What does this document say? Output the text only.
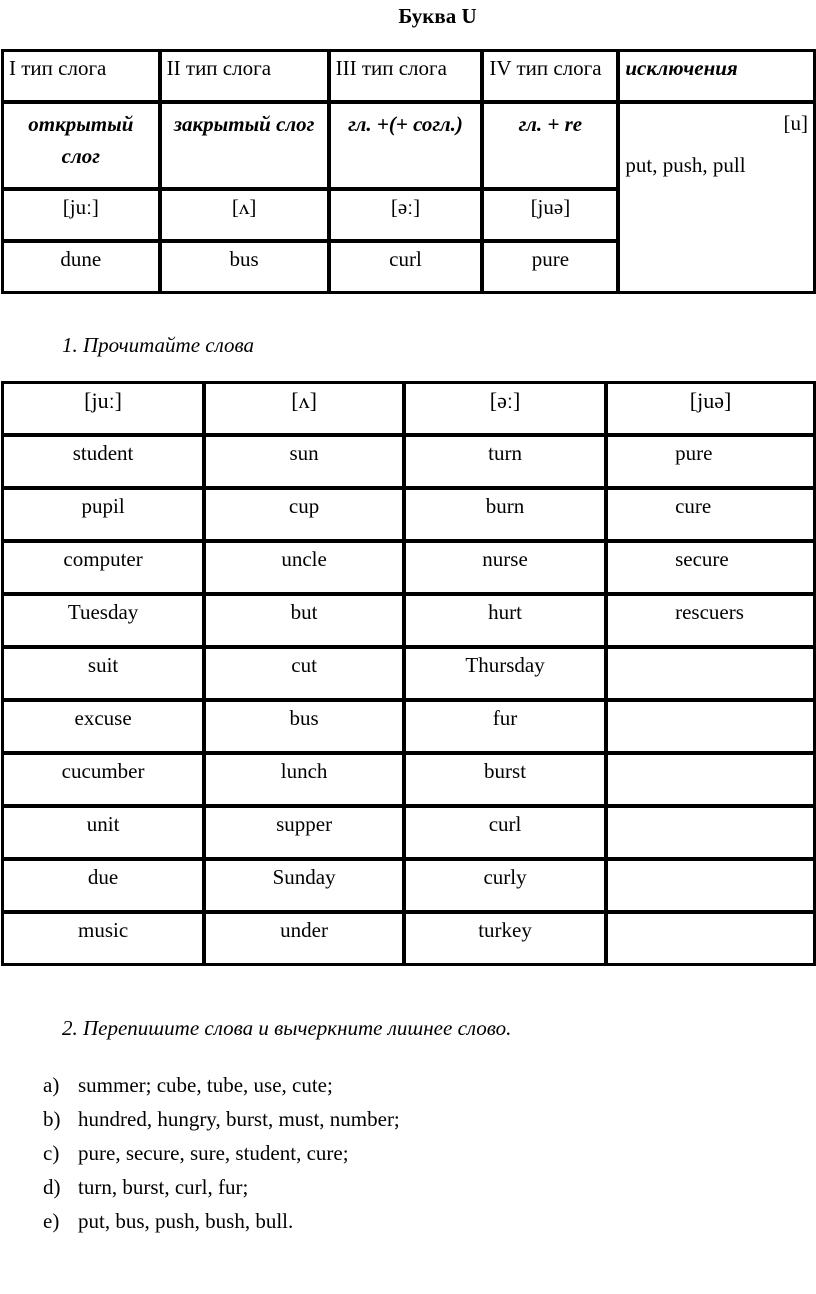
Буква U
I тип слога	II тип слога	III тип слога	IV тип слога	исключения
открытый слог	закрытый слог	гл. +(+ согл.)	гл. + re	[u]
put, push, pull

[juː]	[ʌ]	[əː]	[juə]	
dune	bus	curl	pure	
1. Прочитайте слова
[juː]	[ʌ]	[əː]	[juə]
student	sun	turn	pure
pupil	cup	burn	cure
computer	uncle	nurse	secure
Tuesday	but	hurt	rescuers
suit	cut	Thursday	
excuse	bus	fur	
cucumber	lunch	burst	
unit	supper	curl	
due	Sunday	curly	
music	under	turkey	
2. Перепишите слова и вычеркните лишнее слово.
a) summer; cube, tube, use, cute;
b) hundred, hungry, burst, must, number;
c) pure, secure, sure, student, cure;
d) turn, burst, curl, fur;
e) put, bus, push, bush, bull.
